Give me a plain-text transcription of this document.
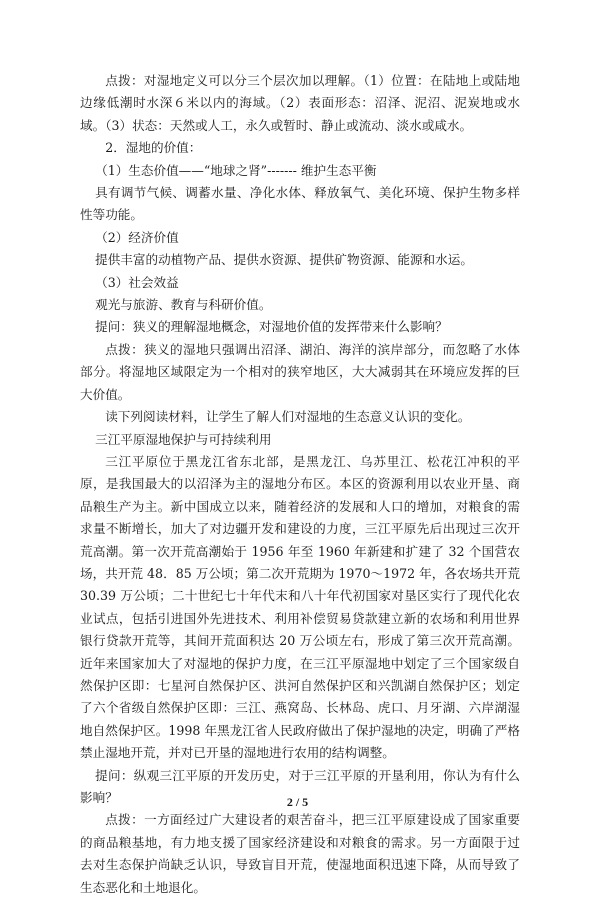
点拨：对湿地定义可以分三个层次加以理解。（1）位置：在陆地上或陆地边缘低潮时水深６米以内的海域。（2）表面形态：沼泽、泥沼、泥炭地或水域。（3）状态：天然或人工，永久或暂时、静止或流动、淡水或咸水。

2．湿地的价值：

（1）生态价值——“地球之肾”------- 维护生态平衡

具有调节气候、调蓄水量、净化水体、释放氧气、美化环境、保护生物多样性等功能。

（2）经济价值

提供丰富的动植物产品、提供水资源、提供矿物资源、能源和水运。

（3）社会效益

观光与旅游、教育与科研价值。

提问：狭义的理解湿地概念，对湿地价值的发挥带来什么影响？

点拨：狭义的湿地只强调出沼泽、湖泊、海洋的滨岸部分，而忽略了水体部分。将湿地区域限定为一个相对的狭窄地区，大大减弱其在环境应发挥的巨大价值。

读下列阅读材料，让学生了解人们对湿地的生态意义认识的变化。

三江平原湿地保护与可持续利用

三江平原位于黑龙江省东北部，是黑龙江、乌苏里江、松花江冲积的平原，是我国最大的以沼泽为主的湿地分布区。本区的资源利用以农业开垦、商品粮生产为主。新中国成立以来，随着经济的发展和人口的增加，对粮食的需求量不断增长，加大了对边疆开发和建设的力度，三江平原先后出现过三次开荒高潮。第一次开荒高潮始于 1956 年至 1960 年新建和扩建了 32 个国营农场，共开荒 48．85 万公顷；第二次开荒期为 1970～1972 年，各农场共开荒 30.39 万公顷；二十世纪七十年代末和八十年代初国家对垦区实行了现代化农业试点，包括引进国外先进技术、利用补偿贸易贷款建立新的农场和利用世界银行贷款开荒等，其间开荒面积达 20 万公顷左右，形成了第三次开荒高潮。 近年来国家加大了对湿地的保护力度，在三江平原湿地中划定了三个国家级自然保护区即：七星河自然保护区、洪河自然保护区和兴凯湖自然保护区；划定了六个省级自然保护区即：三江、燕窝岛、长林岛、虎口、月牙湖、六岸湖湿地自然保护区。1998 年黑龙江省人民政府做出了保护湿地的决定，明确了严格禁止湿地开荒，并对已开垦的湿地进行农用的结构调整。

提问：纵观三江平原的开发历史，对于三江平原的开垦利用，你认为有什么影响？

点拨：一方面经过广大建设者的艰苦奋斗，把三江平原建设成了国家重要的商品粮基地，有力地支援了国家经济建设和对粮食的需求。另一方面限于过去对生态保护尚缺乏认识，导致盲目开荒，使湿地面积迅速下降，从而导致了生态恶化和土地退化。

2 / 5
